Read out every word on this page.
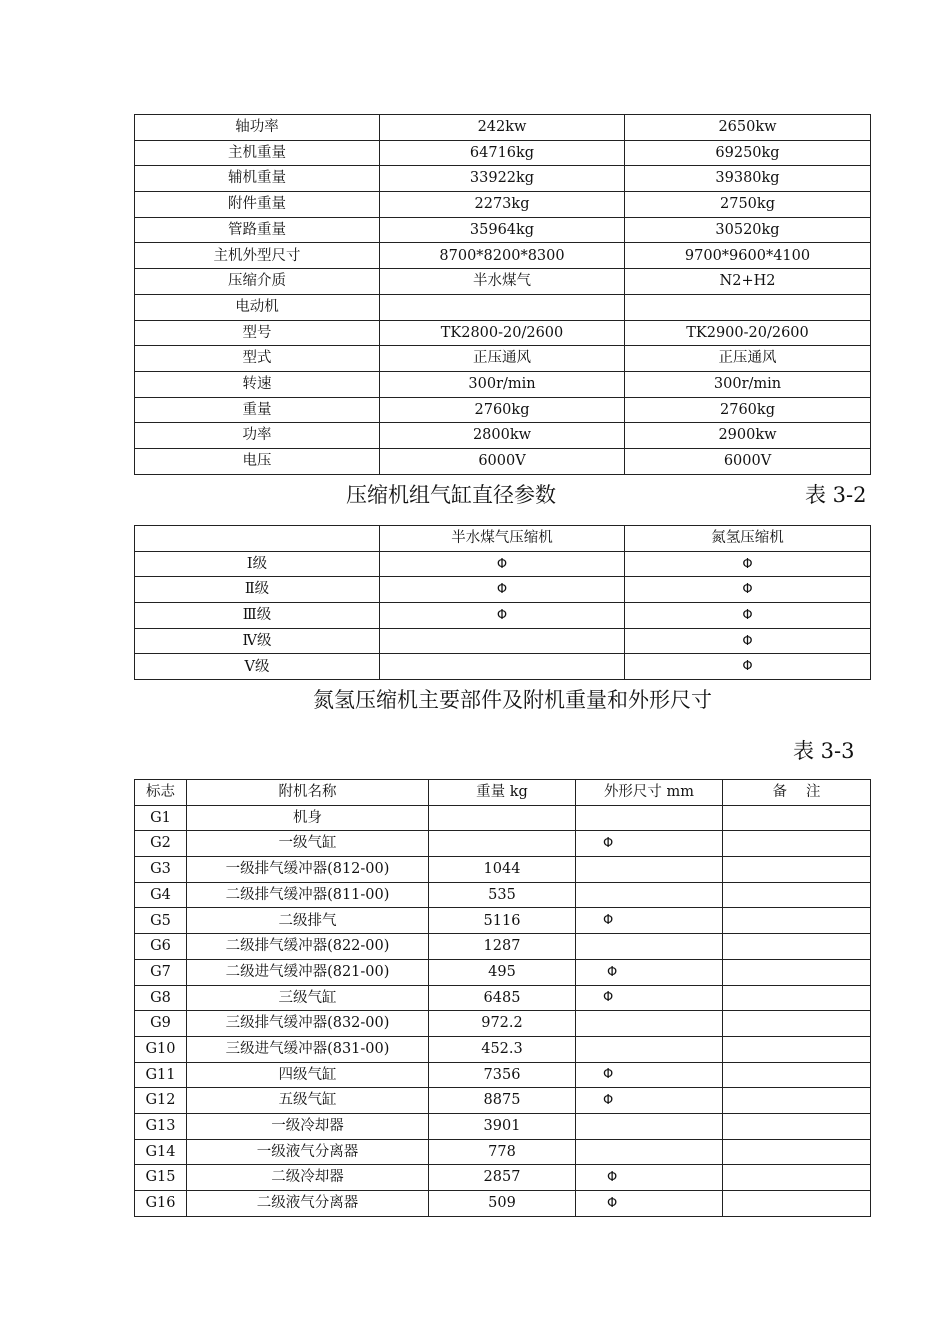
轴功率	242kw	2650kw
主机重量	64716kg	69250kg
辅机重量	33922kg	39380kg
附件重量	2273kg	2750kg
管路重量	35964kg	30520kg
主机外型尺寸	8700*8200*8300	9700*9600*4100
压缩介质	半水煤气	N2+H2
电动机		
型号	TK2800-20/2600	TK2900-20/2600
型式	正压通风	正压通风
转速	300r/min	300r/min
重量	2760kg	2760kg
功率	2800kw	2900kw
电压	6000V	6000V
压缩机组气缸直径参数	表 3-2
	半水煤气压缩机	氮氢压缩机
Ⅰ级	Φ	Φ
Ⅱ级	Φ	Φ
Ⅲ级	Φ	Φ
Ⅳ级		Φ
Ⅴ级		Φ
氮氢压缩机主要部件及附机重量和外形尺寸
表 3-3
标志	附机名称	重量 kg	外形尺寸 mm	备　 注
G1	机身			
G2	一级气缸		Φ	
G3	一级排气缓冲器(812-00)	1044		
G4	二级排气缓冲器(811-00)	535		
G5	二级排气	5116	Φ	
G6	二级排气缓冲器(822-00)	1287		
G7	二级进气缓冲器(821-00)	495	Φ	
G8	三级气缸	6485	Φ	
G9	三级排气缓冲器(832-00)	972.2		
G10	三级进气缓冲器(831-00)	452.3		
G11	四级气缸	7356	Φ	
G12	五级气缸	8875	Φ	
G13	一级冷却器	3901		
G14	一级液气分离器	778		
G15	二级冷却器	2857	Φ	
G16	二级液气分离器	509	Φ	
